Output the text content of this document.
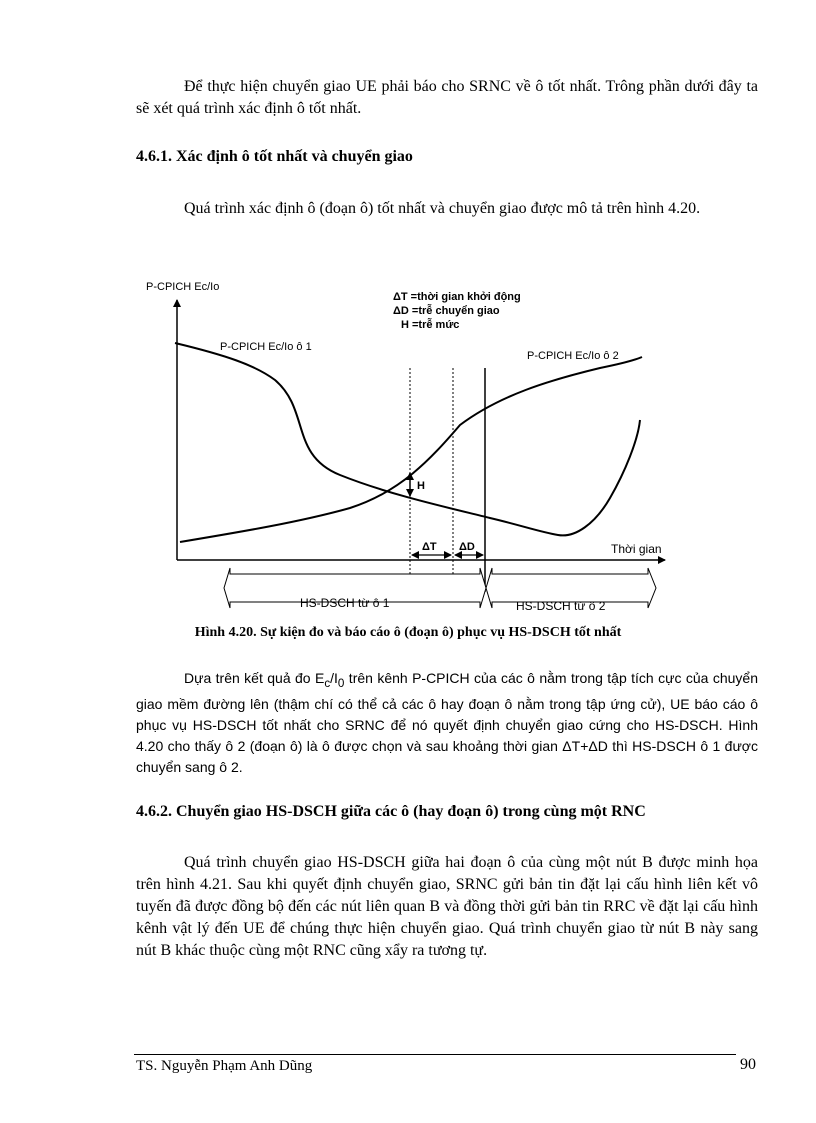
Để thực hiện chuyển giao UE phải báo cho SRNC về ô tốt nhất. Trông phần dưới đây ta sẽ xét quá trình xác định ô tốt nhất.

4.6.1. Xác định ô tốt nhất và chuyển giao

Quá trình xác định ô (đoạn ô) tốt nhất và chuyển giao được mô tả trên hình 4.20.

P-CPICH Ec/Io
ΔT =thời gian khởi động
ΔD =trễ chuyển giao
H =trễ mức
P-CPICH Ec/Io ô 1
P-CPICH Ec/Io ô 2
H
ΔT ΔD	Thời gian
HS-DSCH từ ô 1	HS-DSCH từ ô 2

Hình 4.20. Sự kiện đo và báo cáo ô (đoạn ô) phục vụ HS-DSCH tốt nhất

Dựa trên kết quả đo $E_c/I_0$ trên kênh P-CPICH của các ô nằm trong tập tích cực của chuyển giao mềm đường lên (thậm chí có thể cả các ô hay đoạn ô nằm trong tập ứng cử), UE báo cáo ô phục vụ HS-DSCH tốt nhất cho SRNC để nó quyết định chuyển giao cứng cho HS-DSCH. Hình 4.20 cho thấy ô 2 (đoạn ô) là ô được chọn và sau khoảng thời gian ΔT+ΔD thì HS-DSCH ô 1 được chuyển sang ô 2.

4.6.2. Chuyển giao HS-DSCH giữa các ô (hay đoạn ô) trong cùng một RNC

Quá trình chuyển giao HS-DSCH giữa hai đoạn ô của cùng một nút B được minh họa trên hình 4.21. Sau khi quyết định chuyển giao, SRNC gửi bản tin đặt lại cấu hình liên kết vô tuyến đã được đồng bộ đến các nút liên quan B và đồng thời gửi bản tin RRC về đặt lại cấu hình kênh vật lý đến UE để chúng thực hiện chuyển giao. Quá trình chuyển giao từ nút B này sang nút B khác thuộc cùng một RNC cũng xẩy ra tương tự.

TS. Nguyễn Phạm Anh Dũng	90
